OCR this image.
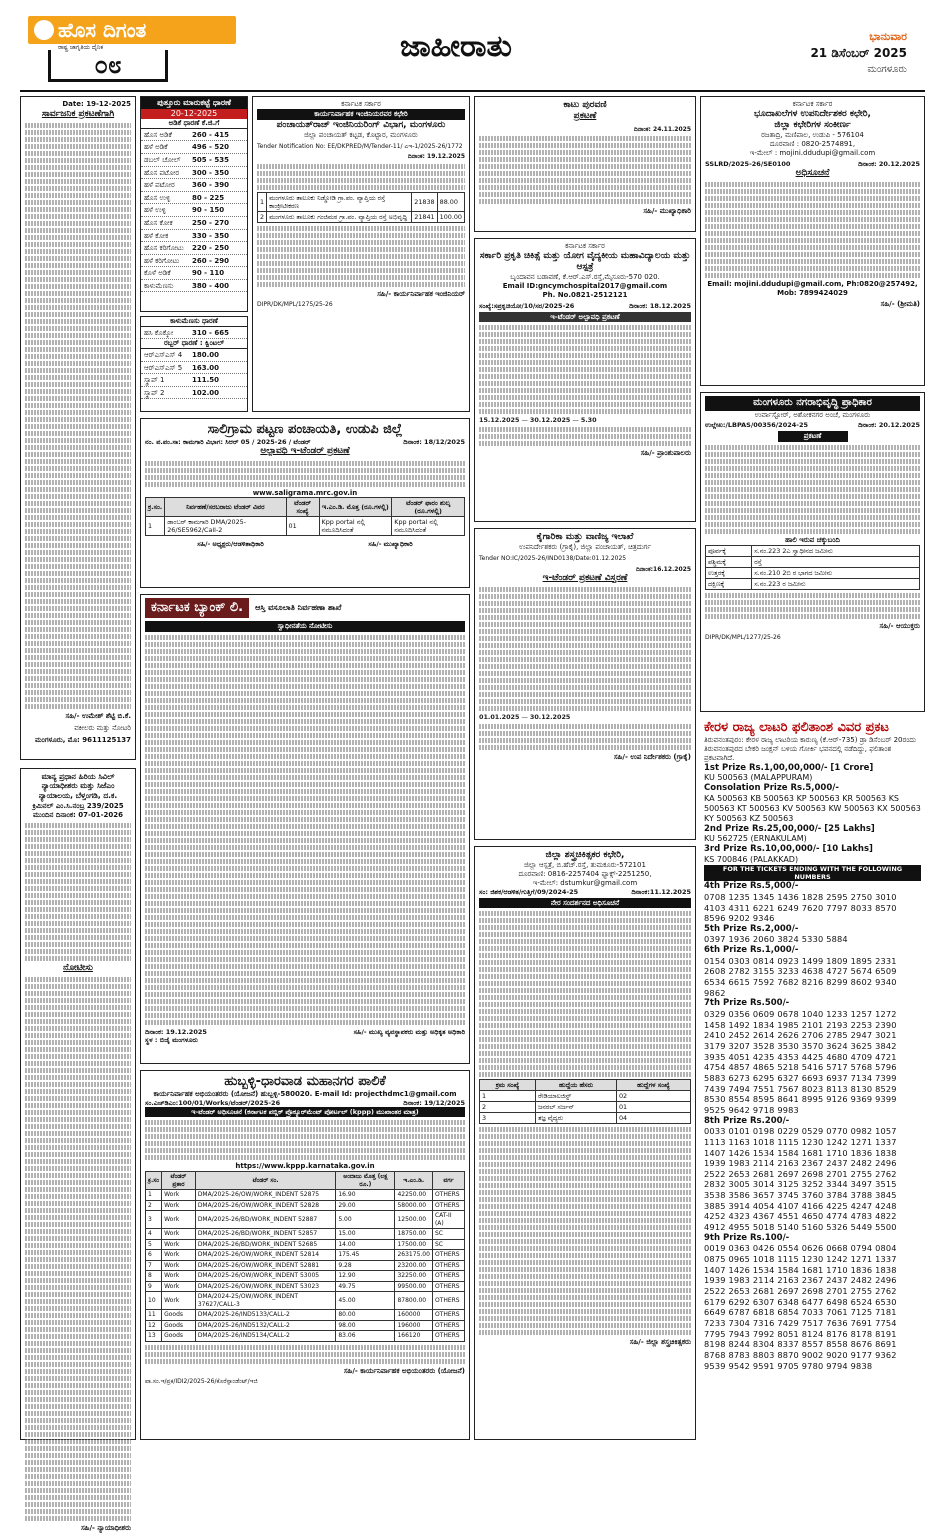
ಹೊಸ ದಿಗಂತ
ರಾಷ್ಟ್ರ ಜಾಗೃತಿಯ ದೈನಿಕ
೦೮
ಜಾಹೀರಾತು	ಭಾನುವಾರ
21 ಡಿಸೆಂಬರ್ 2025
ಮಂಗಳೂರು
Date: 19-12-2025
ಸಾರ್ವಜನಿಕ ಪ್ರಕಟಣೆಗಾಗಿ
ಸಹಿ/- ಉಮೇಶ್ ಶೆಟ್ಟಿ ಬಿ.ಕೆ.
ವಕೀಲರು ಮತ್ತು ನೋಟರಿ
ಮಂಗಳೂರು, ಮೊ: 9611125137
ಮಾನ್ಯ ಪ್ರಧಾನ ಹಿರಿಯ ಸಿವಿಲ್ ನ್ಯಾಯಾಧೀಶರು ಮತ್ತು ಸಿಜೆಎಂ ನ್ಯಾಯಾಲಯ, ಬೆಳ್ತಂಗಡಿ, ದ.ಕ.
ಕ್ರಿಮಿನಲ್ ಎಂ.ಸಿ.ನಂಬ್ರ 239/2025
ಮುಂದಿನ ದಿನಾಂಕ: 07-01-2026
ನೋಟೀಸು
ಸಹಿ/- ನ್ಯಾಯಾಧೀಶರು
ಪುತ್ತೂರು ಮಾರುಕಟ್ಟೆ ಧಾರಣೆ
20-12-2025
ಅಡಿಕೆ ಧಾರಣೆ ಕೆ.ಜಿ.ಗೆ
ಹೊಸ ಅಡಿಕೆ	260 - 415
ಹಳೆ ಅಡಿಕೆ	496 - 520
ಡಬಲ್ ಚೋಲ್	505 - 535
ಹೊಸ ಪಟೋರ	300 - 350
ಹಳೆ ಪಟೋರ	360 - 390
ಹೊಸ ಉಳ್ಳಿ	80 - 225
ಹಳೆ ಉಳ್ಳಿ	90 - 150
ಹೊಸ ಕೋಕ	250 - 270
ಹಳೆ ಕೋಕ	330 - 350
ಹೊಸ ಕರಿಗೋಟು	220 - 250
ಹಳೆ ಕರಿಗೋಟು	260 - 290
ಕೊಳೆ ಅಡಿಕೆ	90 - 110
ಕಾಳುಮೆಣಸು	380 - 400
ಕಾಳುಮೆಣಸು ಧಾರಣೆ
ಹಸಿ ಕೊಕ್ಕೋ	310 - 665
ರಬ್ಬರ್ ಧಾರಣೆ : ಕ್ವಿಂಟಲ್
ಆರ್‌ಎಸ್ಎಸ್ 4	180.00
ಆರ್‌ಎಸ್ಎಸ್ 5	163.00
ಸ್ಕ್ರಾಪ್ 1	111.50
ಸ್ಕ್ರಾಪ್ 2	102.00
ಕರ್ನಾಟಕ ಸರ್ಕಾರ
ಕಾರ್ಯನಿರ್ವಾಹಕ ಇಂಜಿನಿಯರವರ ಕಛೇರಿ
ಪಂಚಾಯತ್‌ರಾಜ್ ಇಂಜಿನಿಯರಿಂಗ್ ವಿಭಾಗ, ಮಂಗಳೂರು
ಜಿಲ್ಲಾ ಪಂಚಾಯತ್ ಕಟ್ಟಡ, ಕೊಟ್ಟಾರ, ಮಂಗಳೂರು
Tender Notification No: EE/DKPRED/M/Tender-11/ ಎಇ-1/2025-26/1772
ದಿನಾಂಕ: 19.12.2025
1	ಮಂಗಳೂರು ತಾಲೂಕು ನಿಡ್ಡೋಡಿ ಗ್ರಾ.ಪಂ. ವ್ಯಾಪ್ತಿಯ ರಸ್ತೆ ಕಾಂಕ್ರೀಟೀಕರಣ	21838	88.00
2	ಮಂಗಳೂರು ತಾಲೂಕು ಗಂಜಿಮಠ ಗ್ರಾ.ಪಂ. ವ್ಯಾಪ್ತಿಯ ರಸ್ತೆ ಅಭಿವೃದ್ಧಿ	21841	100.00
ಸಹಿ/- ಕಾರ್ಯನಿರ್ವಾಹಕ ಇಂಜಿನಿಯರ್
DIPR/DK/MPL/1275/25-26
ಕಾಟು ಪುರವಣಿ
ಪ್ರಕಟಣೆ
ದಿನಾಂಕ: 24.11.2025
ಸಹಿ/- ಮುಖ್ಯಾಧಿಕಾರಿ
ಕರ್ನಾಟಕ ಸರ್ಕಾರ
ಸರ್ಕಾರಿ ಪ್ರಕೃತಿ ಚಿಕಿತ್ಸೆ ಮತ್ತು ಯೋಗ ವೈದ್ಯಕೀಯ ಮಹಾವಿದ್ಯಾಲಯ ಮತ್ತು ಆಸ್ಪತ್ರೆ
ಬೃಂದಾವನ ಬಡಾವಣೆ, ಕೆ.ಆರ್.ಎಸ್.ರಸ್ತೆ,ಮೈಸೂರು-570 020.
Email ID:gncymchospital2017@gmail.com
Ph. No.0821-2512121
ಸಂಖ್ಯೆ:ಸಪ್ರಕೃಚಿಯೋ/10/ಸರ/2025-26	ದಿನಾಂಕ: 18.12.2025
ಇ-ಟೆಂಡರ್ ಅಲ್ಪಾವಧಿ ಪ್ರಕಟಣೆ
15.12.2025 — 30.12.2025 — 5.30
ಸಹಿ/- ಪ್ರಾಂಶುಪಾಲರು
ಕರ್ನಾಟಕ ಸರ್ಕಾರ
ಭೂದಾಖಲೆಗಳ ಉಪನಿರ್ದೇಶಕರ ಕಛೇರಿ,
ಜಿಲ್ಲಾ ಕಛೇರಿಗಳ ಸಂಕೀರ್ಣ
ರಜತಾದ್ರಿ, ಮಣಿಪಾಲ, ಉಡುಪಿ - 576104
ದೂರವಾಣಿ : 0820-2574891,
ಇ-ಮೇಲ್ : mojini.ddudupi@gmail.com
SSLRD/2025-26/SE0100	ದಿನಾಂಕ: 20.12.2025
ಅಧಿಸೂಚನೆ
Email: mojini.ddudupi@gmail.com, Ph:0820@257492, Mob: 7899424029
ಸಹಿ/- (ಶ್ರೀಮತಿ)
ಮಂಗಳೂರು ನಗರಾಭಿವೃದ್ಧಿ ಪ್ರಾಧಿಕಾರ
ಉರ್ವಾಸ್ಟೋರ್, ಅಶೋಕನಗರ ಅಂಚೆ, ಮಂಗಳೂರು
ಉಲ್ಲೇಖ:/LBPAS/00356/2024-25	ದಿನಾಂಕ: 20.12.2025
ಪ್ರಕಟಣೆ
ಹಾಲಿ ಇರುವ ಚಕ್ಕುಬಂದಿ
ಪೂರ್ವಕ್ಕೆ	ಸ.ನಂ.223 2ಎ ಸ್ವಾಧೀನದ ಜಮೀನು
ಪಶ್ಚಿಮಕ್ಕೆ	ರಸ್ತೆ
ಉತ್ತರಕ್ಕೆ	ಸ.ನಂ.210 2ಬಿ ರ ಭಾಗದ ಜಮೀನು
ದಕ್ಷಿಣಕ್ಕೆ	ಸ.ನಂ.223 ರ ಜಮೀನು
ಸಹಿ/- ಆಯುಕ್ತರು
DIPR/DK/MPL/1277/25-26
ಸಾಲಿಗ್ರಾಮ ಪಟ್ಟಣ ಪಂಚಾಯತಿ, ಉಡುಪಿ ಜಿಲ್ಲೆ
ನಂ. ಪ.ಪಂ.ಸಾ: ಕಾಮಗಾರಿ ವಿಭಾಗ: ಸಿಆರ್ 05 / 2025-26 / ಟೆಂಡರ್	ದಿನಾಂಕ: 18/12/2025
ಅಲ್ಪಾವಧಿ ಇ-ಟೆಂಡರ್ ಪ್ರಕಟಣೆ
www.saligrama.mrc.gov.in
ಕ್ರ.ಸಂ.	ನಿರ್ವಹಣೆ/ಸರಬರಾಜು ಟೆಂಡರ್ ವಿವರ	ಟೆಂಡರ್ ಸಂಖ್ಯೆ	ಇ.ಎಂ.ಡಿ. ಮೊತ್ತ (ರೂ.ಗಳಲ್ಲಿ)	ಟೆಂಡರ್ ಫಾರಂ ಶುಲ್ಕ (ರೂ.ಗಳಲ್ಲಿ)
1	ಡಾಂಬರ್ ಕಾಮಗಾರಿ DMA/2025-26/SE5962/Call-2	01	Kpp portal ನಲ್ಲಿ ನಮೂದಿಸಿದಂತೆ	Kpp portal ನಲ್ಲಿ ನಮೂದಿಸಿದಂತೆ
ಸಹಿ/- ಅಧ್ಯಕ್ಷರು/ಆಡಳಿತಾಧಿಕಾರಿ	ಸಹಿ/- ಮುಖ್ಯಾಧಿಕಾರಿ
ಕೈಗಾರಿಕಾ ಮತ್ತು ವಾಣಿಜ್ಯ ಇಲಾಖೆ
ಉಪನಿರ್ದೇಶಕರು (ಗ್ರಾಕೈ), ಜಿಲ್ಲಾ ಪಂಚಾಯತ್, ಚಿತ್ರದುರ್ಗ
Tender NO:IC/2025-26/IND0138/Date:01.12.2025
ದಿನಾಂಕ:16.12.2025
ಇ-ಟೆಂಡರ್ ಪ್ರಕಟಣೆ ವಿಸ್ತರಣೆ
01.01.2025 — 30.12.2025
ಸಹಿ/- ಉಪ ನಿರ್ದೇಶಕರು (ಗ್ರಾಕೈ)
ಕರ್ನಾಟಕ ಬ್ಯಾಂಕ್ ಲಿ.	ಆಸ್ತಿ ವಸೂಲಾತಿ ನಿರ್ವಹಣಾ ಶಾಖೆ
ಸ್ವಾಧೀನತೆಯ ನೋಟೀಸು
ದಿನಾಂಕ: 19.12.2025
ಸ್ಥಳ : ಬಿಜೈ ಮಂಗಳೂರು
ಸಹಿ/- ಮುಖ್ಯ ವ್ಯವಸ್ಥಾಪಕರು ಮತ್ತು ಅಧಿಕೃತ ಅಧಿಕಾರಿ
ಜಿಲ್ಲಾ ಶಸ್ತ್ರಚಿಕಿತ್ಸಕರ ಕಛೇರಿ,
ಜಿಲ್ಲಾ ಆಸ್ಪತ್ರೆ, ಬಿ.ಹೆಚ್.ರಸ್ತೆ, ತುಮಕೂರು-572101
ದೂರವಾಣಿ: 0816-2257404 ಫ್ಯಾಕ್ಸ್-2251250,
ಇ-ಮೇಲ್: dstumkur@gmail.com
ಸಂ: ಜಿಶಕ/ಆಡಳಿತ/ಗುತ್ತಿಗೆ/09/2024-25	ದಿನಾಂಕ:11.12.2025
ನೇರ ಸಂದರ್ಶನದ ಅಧಿಸೂಚನೆ
ಕ್ರಮ ಸಂಖ್ಯೆ	ಹುದ್ದೆಯ ಹೆಸರು	ಹುದ್ದೆಗಳ ಸಂಖ್ಯೆ
1	ರೇಡಿಯಾಲಜಿಸ್ಟ್	02
2	ಜನರಲ್ ಸರ್ಜನ್	01
3	ತಜ್ಞ ವೈದ್ಯರು	04
ಸಹಿ/- ಜಿಲ್ಲಾ ಶಸ್ತ್ರಚಿಕಿತ್ಸಕರು
ಹುಬ್ಬಳ್ಳಿ-ಧಾರವಾಡ ಮಹಾನಗರ ಪಾಲಿಕೆ
ಕಾರ್ಯನಿರ್ವಾಹಕ ಅಭಿಯಂತರರು (ಯೋಜನೆ) ಹುಬ್ಬಳ್ಳಿ-580020. E-mail Id: projecthdmc1@gmail.com
ಸಂ.ಎಚ್‌ಡಿಎಂ:100/01/Works/ಟೆಂಡರ್/2025-26	ದಿನಾಂಕ: 19/12/2025
ಇ-ಟೆಂಡರ್ ಅಧಿಸೂಚನೆ (ಕರ್ನಾಟಕ ಪಬ್ಲಿಕ್ ಪ್ರೊಕ್ಯೂರ್‌ಮೆಂಟ್ ಪೋರ್ಟಲ್ (kppp) ಮುಖಾಂತರ ಮಾತ್ರ)
https://www.kppp.karnataka.gov.in
ಕ್ರ.ಸಂ	ಟೆಂಡರ್ ಪ್ರಕಾರ	ಟೆಂಡರ್ ಸಂ.	ಅಂದಾಜು ಮೊತ್ತ (ಲಕ್ಷ ರೂ.)	ಇ.ಎಂ.ಡಿ.	ವರ್ಗ
1	Work	DMA/2025-26/OW/WORK_INDENT 52875	16.90	42250.00	OTHERS
2	Work	DMA/2025-26/OW/WORK_INDENT 52828	29.00	58000.00	OTHERS
3	Work	DMA/2025-26/BD/WORK_INDENT 52887	5.00	12500.00	CAT-II (A)
4	Work	DMA/2025-26/BD/WORK_INDENT 52857	15.00	18750.00	SC
5	Work	DMA/2025-26/BD/WORK_INDENT 52685	14.00	17500.00	SC
6	Work	DMA/2025-26/OW/WORK_INDENT 52814	175.45	263175.00	OTHERS
7	Work	DMA/2025-26/OW/WORK_INDENT 52881	9.28	23200.00	OTHERS
8	Work	DMA/2025-26/OW/WORK_INDENT 53005	12.90	32250.00	OTHERS
9	Work	DMA/2025-26/OW/WORK_INDENT 53023	49.75	99500.00	OTHERS
10	Work	DMA/2024-25/OW/WORK_INDENT 37627/CALL-3	45.00	87800.00	OTHERS
11	Goods	DMA/2025-26/IND5133/CALL-2	80.00	160000	OTHERS
12	Goods	DMA/2025-26/IND5132/CALL-2	98.00	196000	OTHERS
13	Goods	DMA/2025-26/IND5134/CALL-2	83.06	166120	OTHERS
ಸಹಿ/- ಕಾರ್ಯನಿರ್ವಾಹಕ ಅಭಿಯಂತರರು (ಯೋಜನೆ)
ಪಾ.ಸಂ.ಇ/ಪ್ರಕ/IDI2/2025-26/ಕೊರೆಸ್ಪಾಂಡೆಂಟ್/ಇಜಿ
ಕೇರಳ ರಾಜ್ಯ ಲಾಟರಿ ಫಲಿತಾಂಶ ವಿವರ ಪ್ರಕಟ
ತಿರುವನಂತಪುರಂ: ಕೇರಳ ರಾಜ್ಯ ಲಾಟರಿಯ ಕಾರುಣ್ಯ (ಕೆ.ಆರ್-735) ಡ್ರಾ ಡಿಸೆಂಬರ್ 20ರಂದು ತಿರುವನಂತಪುರದ ಬೇಕರಿ ಜಂಕ್ಷನ್ ಬಳಿಯ ಗೋರ್ಕಿ ಭವನದಲ್ಲಿ ನಡೆದಿದ್ದು, ಫಲಿತಾಂಶ ಪ್ರಕಟವಾಗಿದೆ.
1st Prize Rs.1,00,00,000/- [1 Crore]
KU 500563 (MALAPPURAM)
Consolation Prize Rs.5,000/-
KA 500563 KB 500563 KP 500563 KR 500563 KS 500563 KT 500563 KV 500563 KW 500563 KX 500563 KY 500563 KZ 500563
2nd Prize Rs.25,00,000/- [25 Lakhs]
KU 562725 (ERNAKULAM)
3rd Prize Rs.10,00,000/- [10 Lakhs]
KS 700846 (PALAKKAD)
FOR THE TICKETS ENDING WITH THE FOLLOWING NUMBERS
4th Prize Rs.5,000/-
0708 1235 1345 1436 1828 2595 2750 3010 4103 4311 6221 6249 7620 7797 8033 8570 8596 9202 9346
5th Prize Rs.2,000/-
0397 1936 2060 3824 5330 5884
6th Prize Rs.1,000/-
0154 0303 0814 0923 1499 1809 1895 2331 2608 2782 3155 3233 4638 4727 5674 6509 6534 6615 7592 7682 8216 8299 8602 9340 9862
7th Prize Rs.500/-
0329 0356 0609 0678 1040 1233 1257 1272 1458 1492 1834 1985 2101 2193 2253 2390 2410 2452 2614 2626 2706 2785 2947 3021 3179 3207 3528 3530 3570 3624 3625 3842 3935 4051 4235 4353 4425 4680 4709 4721 4754 4857 4865 5218 5416 5717 5768 5796 5883 6273 6295 6327 6693 6937 7134 7399 7439 7494 7551 7567 8023 8113 8130 8529 8530 8554 8595 8641 8995 9126 9369 9399 9525 9642 9718 9983
8th Prize Rs.200/-
0033 0101 0198 0229 0529 0770 0982 1057 1113 1163 1018 1115 1230 1242 1271 1337 1407 1426 1534 1584 1681 1710 1836 1838 1939 1983 2114 2163 2367 2437 2482 2496 2522 2653 2681 2697 2698 2701 2755 2762 2832 3005 3014 3125 3252 3344 3497 3515 3538 3586 3657 3745 3760 3784 3788 3845 3885 3914 4054 4107 4166 4225 4247 4248 4252 4323 4367 4551 4650 4774 4783 4822 4912 4955 5018 5140 5160 5326 5449 5500
9th Prize Rs.100/-
0019 0363 0426 0554 0626 0668 0794 0804 0875 0965 1018 1115 1230 1242 1271 1337 1407 1426 1534 1584 1681 1710 1836 1838 1939 1983 2114 2163 2367 2437 2482 2496 2522 2653 2681 2697 2698 2701 2755 2762 6179 6292 6307 6348 6477 6498 6524 6530 6649 6787 6818 6854 7033 7061 7125 7181 7233 7304 7316 7429 7517 7636 7691 7754 7795 7943 7992 8051 8124 8176 8178 8191 8198 8244 8304 8337 8557 8558 8676 8691 8768 8783 8803 8870 9002 9020 9177 9362 9539 9542 9591 9705 9780 9794 9838
